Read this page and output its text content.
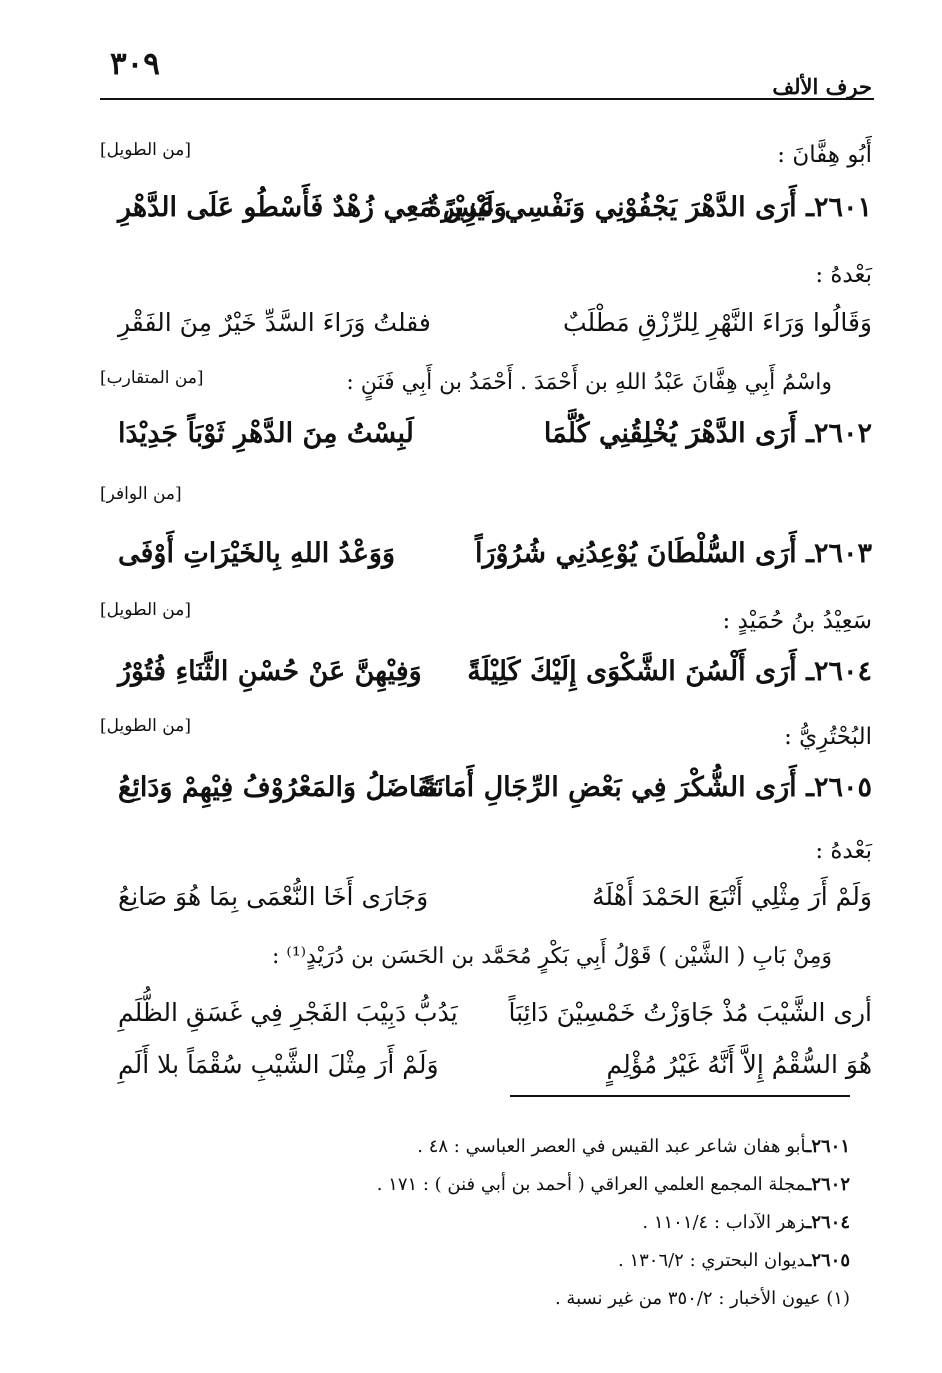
٣٠٩
حرف الألف
[من الطويل]	أَبُو هِفَّانَ :
٢٦٠١ـ أَرَى الدَّهْرَ يَجْفُوْنِي وَنَفْسِي عَزِيْزَةٌ
وَلَيْسَ مَعِي زُهْدٌ فَأَسْطُو عَلَى الدَّهْرِ
بَعْدهُ :
وَقَالُوا وَرَاءَ النَّهْرِ لِلرِّزْقِ مَطْلَبٌ
فقلتُ وَرَاءَ السَّدِّ خَيْرٌ مِنَ الفَقْرِ
واسْمُ أَبِي هِفَّانَ عَبْدُ اللهِ بن أَحْمَدَ . أَحْمَدُ بن أَبِي فَنَنٍ :
[من المتقارب]
٢٦٠٢ـ أَرَى الدَّهْرَ يُخْلِقُنِي كُلَّمَا
لَبِسْتُ مِنَ الدَّهْرِ ثَوْبَاً جَدِيْدَا
[من الوافر]
٢٦٠٣ـ أَرَى السُّلْطَانَ يُوْعِدُنِي شُرُوْرَاً
وَوَعْدُ اللهِ بِالخَيْرَاتِ أَوْفَى
[من الطويل]	سَعِيْدُ بنُ حُمَيْدٍ :
٢٦٠٤ـ أَرَى أَلْسُنَ الشَّكْوَى إِلَيْكَ كَلِيْلَةً
وَفِيْهِنَّ عَنْ حُسْنِ الثَّنَاءِ فُتُوْرُ
[من الطويل]	البُحْتُرِيُّ :
٢٦٠٥ـ أَرَى الشُّكْرَ فِي بَعْضِ الرِّجَالِ أَمَانَةً
تفَاضَلُ وَالمَعْرُوْفُ فِيْهِمْ وَدَائِعُ
بَعْدهُ :
وَلَمْ أَرَ مِثْلِي أَتْبَعَ الحَمْدَ أَهْلَهُ
وَجَارَى أَخَا النُّعْمَى بِمَا هُوَ صَانِعُ
وَمِنْ بَابِ ( الشَّيْن ) قَوْلُ أَبِي بَكْرٍ مُحَمَّد بن الحَسَن بن دُرَيْدٍ⁽¹⁾ :
أرى الشَّيْبَ مُذْ جَاوَزْتُ خَمْسِيْنَ دَائِبَاً
يَدُبُّ دَبِيْبَ الفَجْرِ فِي غَسَقِ الظُّلَمِ
هُوَ السُّقْمُ إِلاَّ أَنَّهُ غَيْرُ مُؤْلِمٍ
وَلَمْ أَرَ مِثْلَ الشَّيْبِ سُقْمَاً بلا أَلَمِ
٢٦٠١ـأبو هفان شاعر عبد القيس في العصر العباسي : ٤٨ .
٢٦٠٢ـمجلة المجمع العلمي العراقي ( أحمد بن أبي فنن ) : ١٧١ .
٢٦٠٤ـزهر الآداب : ١١٠١/٤ .
٢٦٠٥ـديوان البحتري : ١٣٠٦/٢ .
(١) عيون الأخبار : ٣٥٠/٢ من غير نسبة .
